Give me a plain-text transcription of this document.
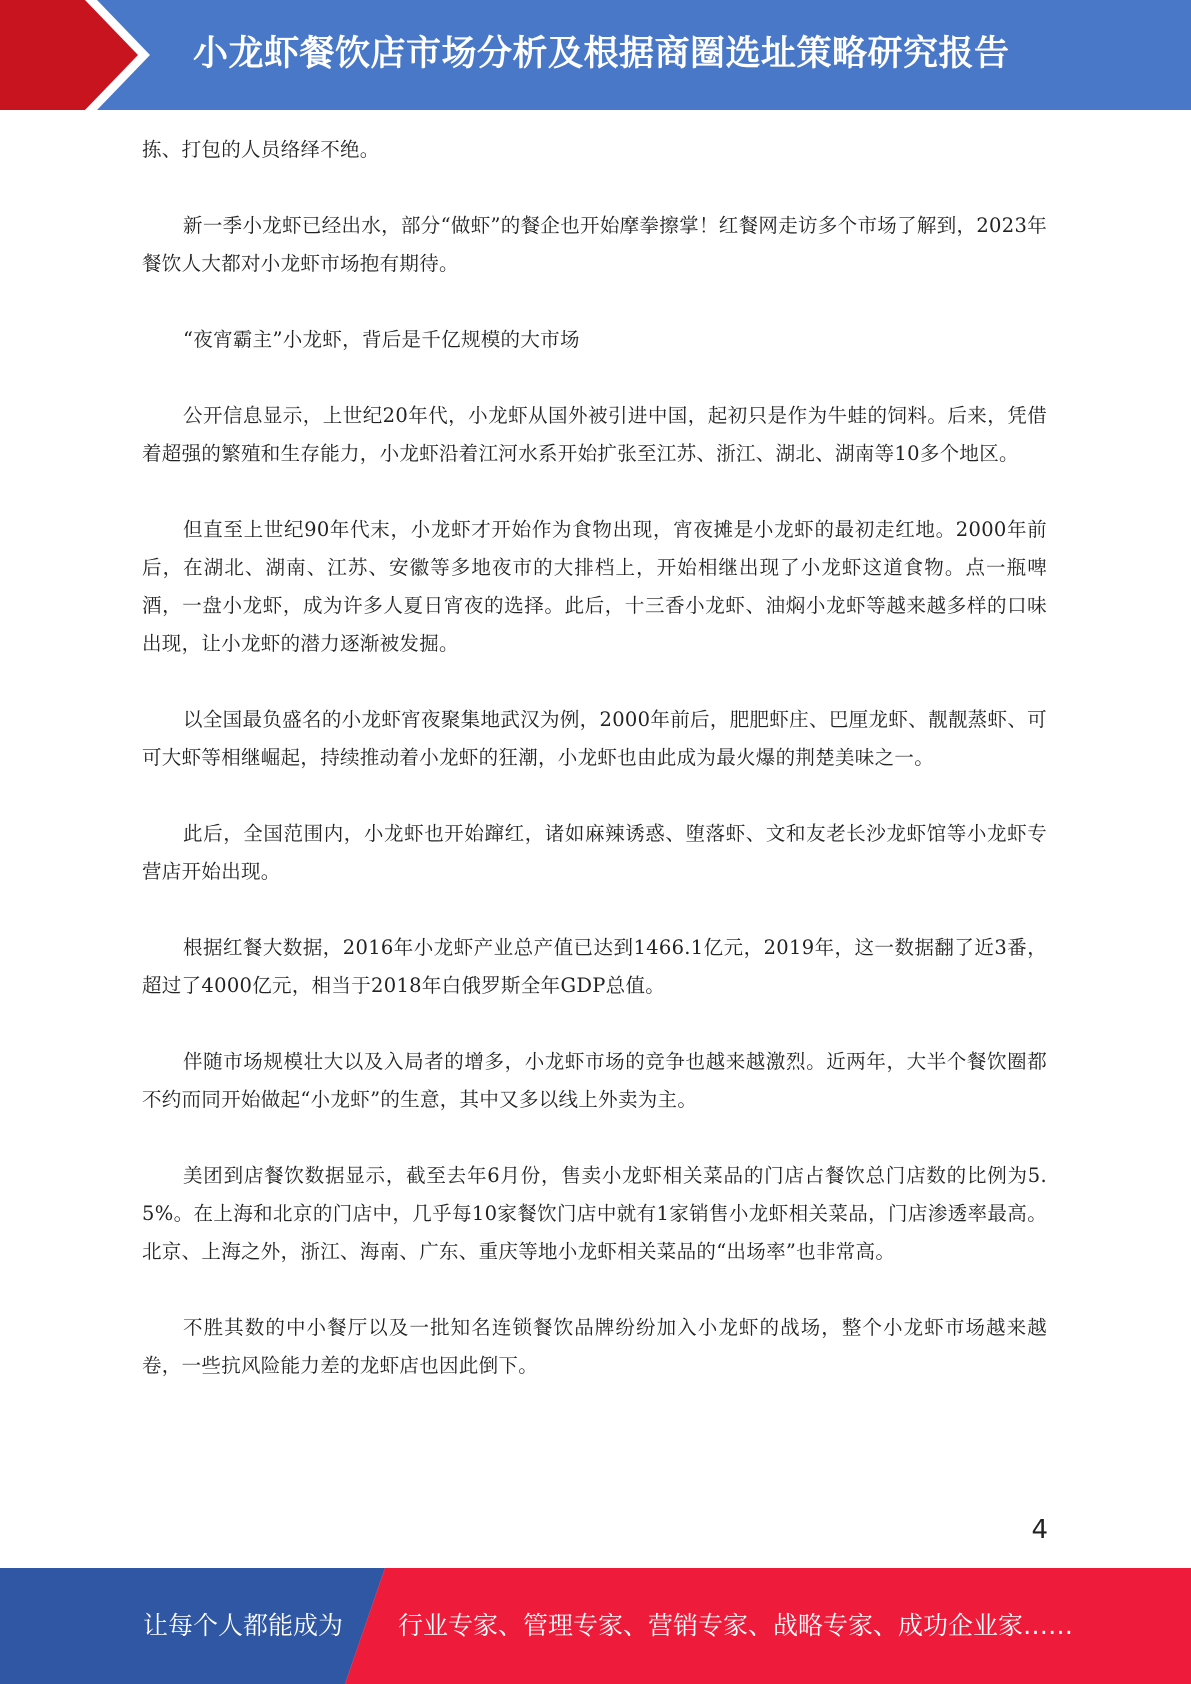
小龙虾餐饮店市场分析及根据商圈选址策略研究报告

拣、打包的人员络绎不绝。

新一季小龙虾已经出水，部分“做虾”的餐企也开始摩拳擦掌！红餐网走访多个市场了解到，2023年餐饮人大都对小龙虾市场抱有期待。

“夜宵霸主”小龙虾，背后是千亿规模的大市场

公开信息显示，上世纪20年代，小龙虾从国外被引进中国，起初只是作为牛蛙的饲料。后来，凭借着超强的繁殖和生存能力，小龙虾沿着江河水系开始扩张至江苏、浙江、湖北、湖南等10多个地区。

但直至上世纪90年代末，小龙虾才开始作为食物出现，宵夜摊是小龙虾的最初走红地。2000年前后，在湖北、湖南、江苏、安徽等多地夜市的大排档上，开始相继出现了小龙虾这道食物。点一瓶啤酒，一盘小龙虾，成为许多人夏日宵夜的选择。此后，十三香小龙虾、油焖小龙虾等越来越多样的口味出现，让小龙虾的潜力逐渐被发掘。

以全国最负盛名的小龙虾宵夜聚集地武汉为例，2000年前后，肥肥虾庄、巴厘龙虾、靓靓蒸虾、可可大虾等相继崛起，持续推动着小龙虾的狂潮，小龙虾也由此成为最火爆的荆楚美味之一。

此后，全国范围内，小龙虾也开始蹿红，诸如麻辣诱惑、堕落虾、文和友老长沙龙虾馆等小龙虾专营店开始出现。

根据红餐大数据，2016年小龙虾产业总产值已达到1466.1亿元，2019年，这一数据翻了近3番，超过了4000亿元，相当于2018年白俄罗斯全年GDP总值。

伴随市场规模壮大以及入局者的增多，小龙虾市场的竞争也越来越激烈。近两年，大半个餐饮圈都不约而同开始做起“小龙虾”的生意，其中又多以线上外卖为主。

美团到店餐饮数据显示，截至去年6月份，售卖小龙虾相关菜品的门店占餐饮总门店数的比例为5.5%。在上海和北京的门店中，几乎每10家餐饮门店中就有1家销售小龙虾相关菜品，门店渗透率最高。北京、上海之外，浙江、海南、广东、重庆等地小龙虾相关菜品的“出场率”也非常高。

不胜其数的中小餐厅以及一批知名连锁餐饮品牌纷纷加入小龙虾的战场，整个小龙虾市场越来越卷，一些抗风险能力差的龙虾店也因此倒下。

4
让每个人都能成为 行业专家、管理专家、营销专家、战略专家、成功企业家……
